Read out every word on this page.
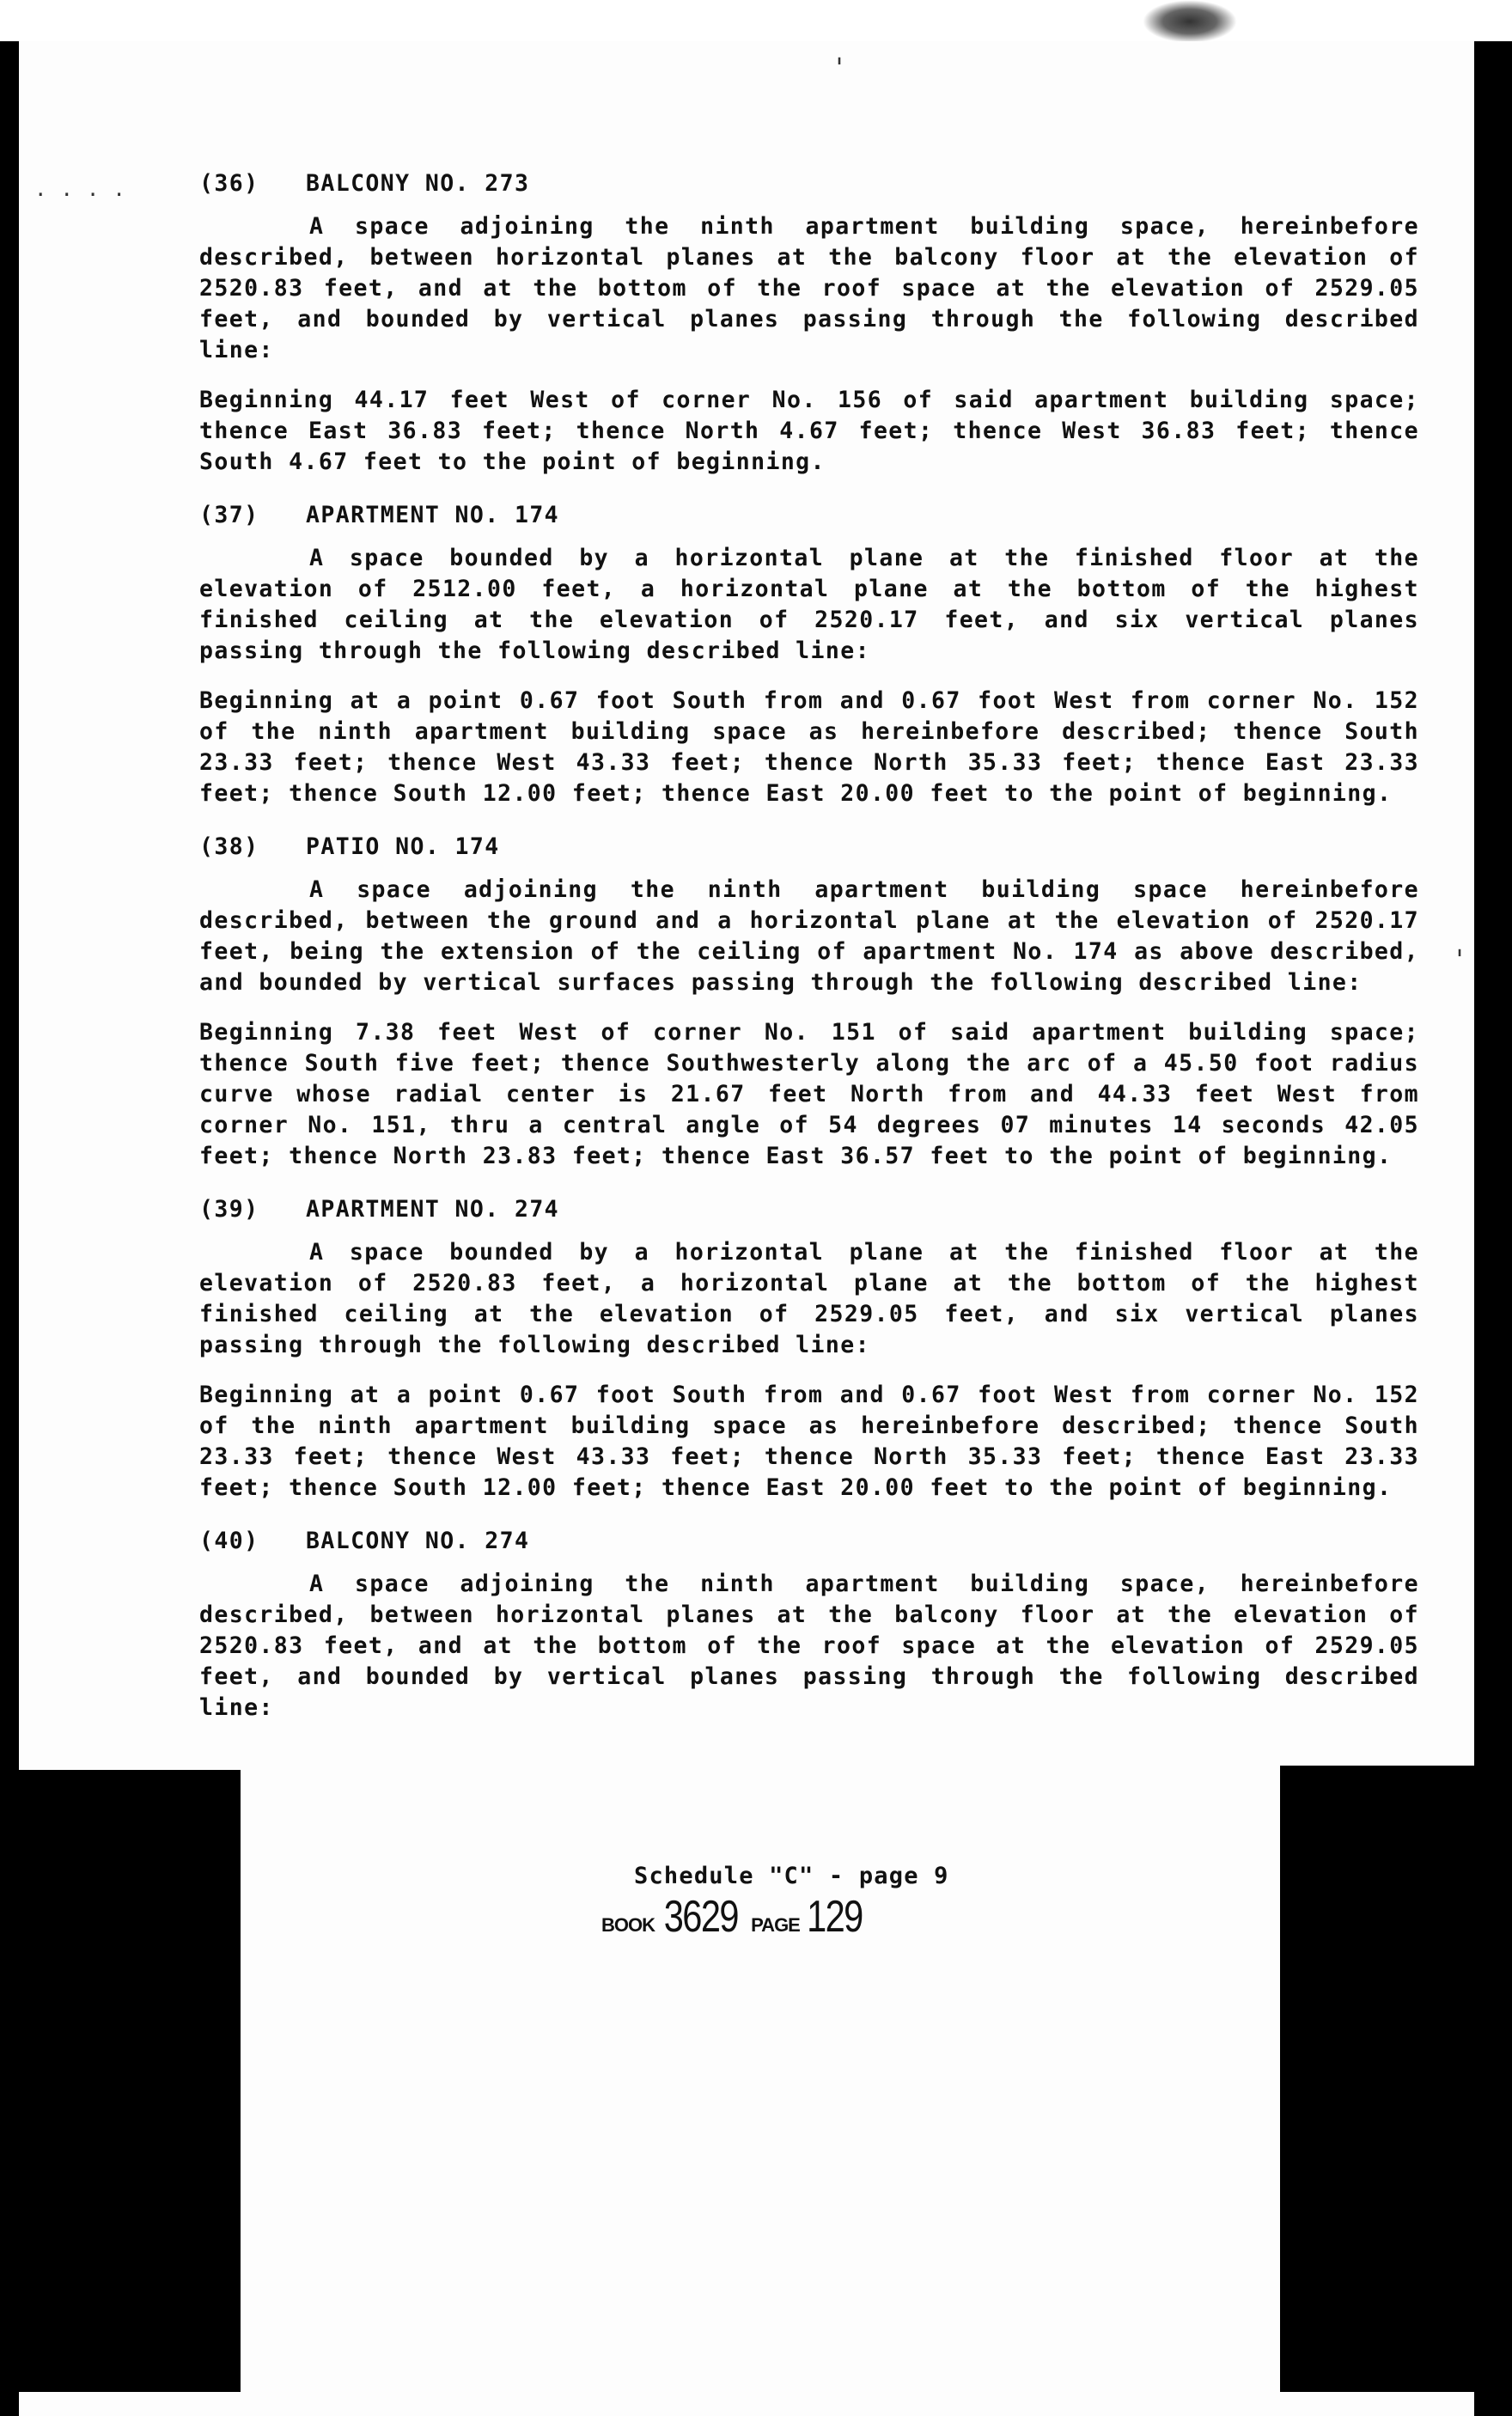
....
'
'
(36) BALCONY NO. 273

A space adjoining the ninth apartment building space, hereinbefore described, between horizontal planes at the balcony floor at the elevation of 2520.83 feet, and at the bottom of the roof space at the elevation of 2529.05 feet, and bounded by vertical planes passing through the following described line:

Beginning 44.17 feet West of corner No. 156 of said apartment building space; thence East 36.83 feet; thence North 4.67 feet; thence West 36.83 feet; thence South 4.67 feet to the point of beginning.

(37) APARTMENT NO. 174

A space bounded by a horizontal plane at the finished floor at the elevation of 2512.00 feet, a horizontal plane at the bottom of the highest finished ceiling at the elevation of 2520.17 feet, and six vertical planes passing through the following described line:

Beginning at a point 0.67 foot South from and 0.67 foot West from corner No. 152 of the ninth apartment building space as hereinbefore described; thence South 23.33 feet; thence West 43.33 feet; thence North 35.33 feet; thence East 23.33 feet; thence South 12.00 feet; thence East 20.00 feet to the point of beginning.

(38) PATIO NO. 174

A space adjoining the ninth apartment building space hereinbefore described, between the ground and a horizontal plane at the elevation of 2520.17 feet, being the extension of the ceiling of apartment No. 174 as above described, and bounded by vertical surfaces passing through the following described line:

Beginning 7.38 feet West of corner No. 151 of said apartment building space; thence South five feet; thence Southwesterly along the arc of a 45.50 foot radius curve whose radial center is 21.67 feet North from and 44.33 feet West from corner No. 151, thru a central angle of 54 degrees 07 minutes 14 seconds 42.05 feet; thence North 23.83 feet; thence East 36.57 feet to the point of beginning.

(39) APARTMENT NO. 274

A space bounded by a horizontal plane at the finished floor at the elevation of 2520.83 feet, a horizontal plane at the bottom of the highest finished ceiling at the elevation of 2529.05 feet, and six vertical planes passing through the following described line:

Beginning at a point 0.67 foot South from and 0.67 foot West from corner No. 152 of the ninth apartment building space as hereinbefore described; thence South 23.33 feet; thence West 43.33 feet; thence North 35.33 feet; thence East 23.33 feet; thence South 12.00 feet; thence East 20.00 feet to the point of beginning.

(40) BALCONY NO. 274

A space adjoining the ninth apartment building space, hereinbefore described, between horizontal planes at the balcony floor at the elevation of 2520.83 feet, and at the bottom of the roof space at the elevation of 2529.05 feet, and bounded by vertical planes passing through the following described line:

Schedule "C" - page 9
BOOK 3629 PAGE 129
